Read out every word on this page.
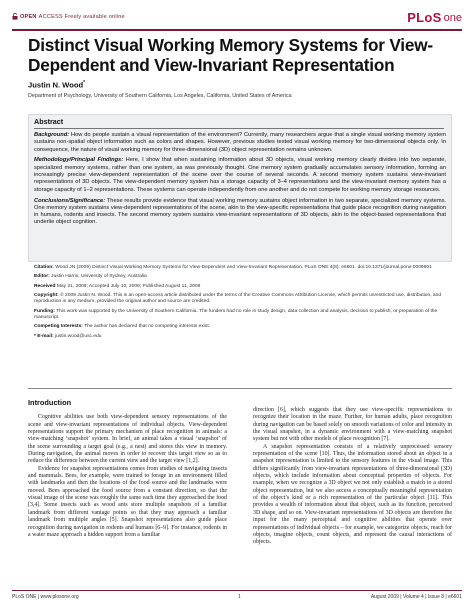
OPEN ACCESS Freely available online	PLoS one
Distinct Visual Working Memory Systems for View-Dependent and View-Invariant Representation
Justin N. Wood*
Department of Psychology, University of Southern California, Los Angeles, California, United States of America
Abstract

Background: How do people sustain a visual representation of the environment? Currently, many researchers argue that a single visual working memory system sustains non-spatial object information such as colors and shapes. However, previous studies tested visual working memory for two-dimensional objects only. In consequence, the nature of visual working memory for three-dimensional (3D) object representation remains unknown.

Methodology/Principal Findings: Here, I show that when sustaining information about 3D objects, visual working memory clearly divides into two separate, specialized memory systems, rather than one system, as was previously thought. One memory system gradually accumulates sensory information, forming an increasingly precise view-dependent representation of the scene over the course of several seconds. A second memory system sustains view-invariant representations of 3D objects. The view-dependent memory system has a storage capacity of 3–4 representations and the view-invariant memory system has a storage capacity of 1–2 representations. These systems can operate independently from one another and do not compete for working memory storage resources.

Conclusions/Significance: These results provide evidence that visual working memory sustains object information in two separate, specialized memory systems. One memory system sustains view-dependent representations of the scene, akin to the view-specific representations that guide place recognition during navigation in humans, rodents and insects. The second memory system sustains view-invariant representations of 3D objects, akin to the object-based representations that underlie object cognition.

Citation: Wood JN (2009) Distinct Visual Working Memory Systems for View-Dependent and View-Invariant Representation. PLoS ONE 4(8): e6601. doi:10.1371/journal.pone.0006601

Editor: Justin Harris, University of Sydney, Australia

Received May 21, 2009; Accepted July 10, 2009; Published August 11, 2009

Copyright: © 2009 Justin N. Wood. This is an open-access article distributed under the terms of the Creative Commons Attribution License, which permits unrestricted use, distribution, and reproduction in any medium, provided the original author and source are credited.

Funding: This work was supported by the University of Southern California. The funders had no role in study design, data collection and analysis, decision to publish, or preparation of the manuscript.

Competing Interests: The author has declared that no competing interests exist.

* E-mail: justin.wood@usc.edu

Introduction

Cognitive abilities use both view-dependent sensory representations of the scene and view-invariant representations of individual objects. View-dependent representations support the primary mechanism of place recognition in animals: a view-matching ‘snapshot’ system. In brief, an animal takes a visual ‘snapshot’ of the scene surrounding a target goal (e.g., a nest) and stores this view in memory. During navigation, the animal moves in order to recover this target view so as to reduce the difference between the current view and the target view [1,2].

Evidence for snapshot representations comes from studies of navigating insects and mammals. Bees, for example, were trained to forage in an environment filled with landmarks and then the locations of the food source and the landmarks were moved. Bees approached the food source from a constant direction, so that the visual image of the scene was roughly the same each time they approached the food [3,4]. Some insects such as wood ants store multiple snapshots of a familiar landmark from different vantage points so that they may approach a familiar landmark from multiple angles [5]. Snapshot representations also guide place recognition during navigation in rodents and humans [6–9]. For instance, rodents in a water maze approach a hidden support from a familiar

direction [6], which suggests that they use view-specific representations to recognize their location in the maze. Further, for human adults, place recognition during navigation can be based solely on smooth variations of color and intensity in the visual snapshot, in a dynamic environment with a view-matching snapshot system but not with other models of place recognition [7].

A snapshot representation consists of a relatively unprocessed sensory representation of the scene [10]. Thus, the information stored about an object in a snapshot representation is limited to the sensory features in the visual image. This differs significantly from view-invariant representations of three-dimensional (3D) objects, which include information about conceptual properties of objects. For example, when we recognize a 3D object we not only establish a match to a stored object representation, but we also access a conceptually meaningful representation of the object’s kind or a rich representation of the particular object [11]. This provides a wealth of information about that object, such as its function, perceived 3D shape, and so on. View-invariant representations of 3D objects are therefore the input for the many perceptual and cognitive abilities that operate over representations of individual objects – for example, we categorize objects, reach for objects, imagine objects, count objects, and represent the causal interactions of objects.

PLoS ONE | www.plosone.org	1	August 2009 | Volume 4 | Issue 8 | e6601
